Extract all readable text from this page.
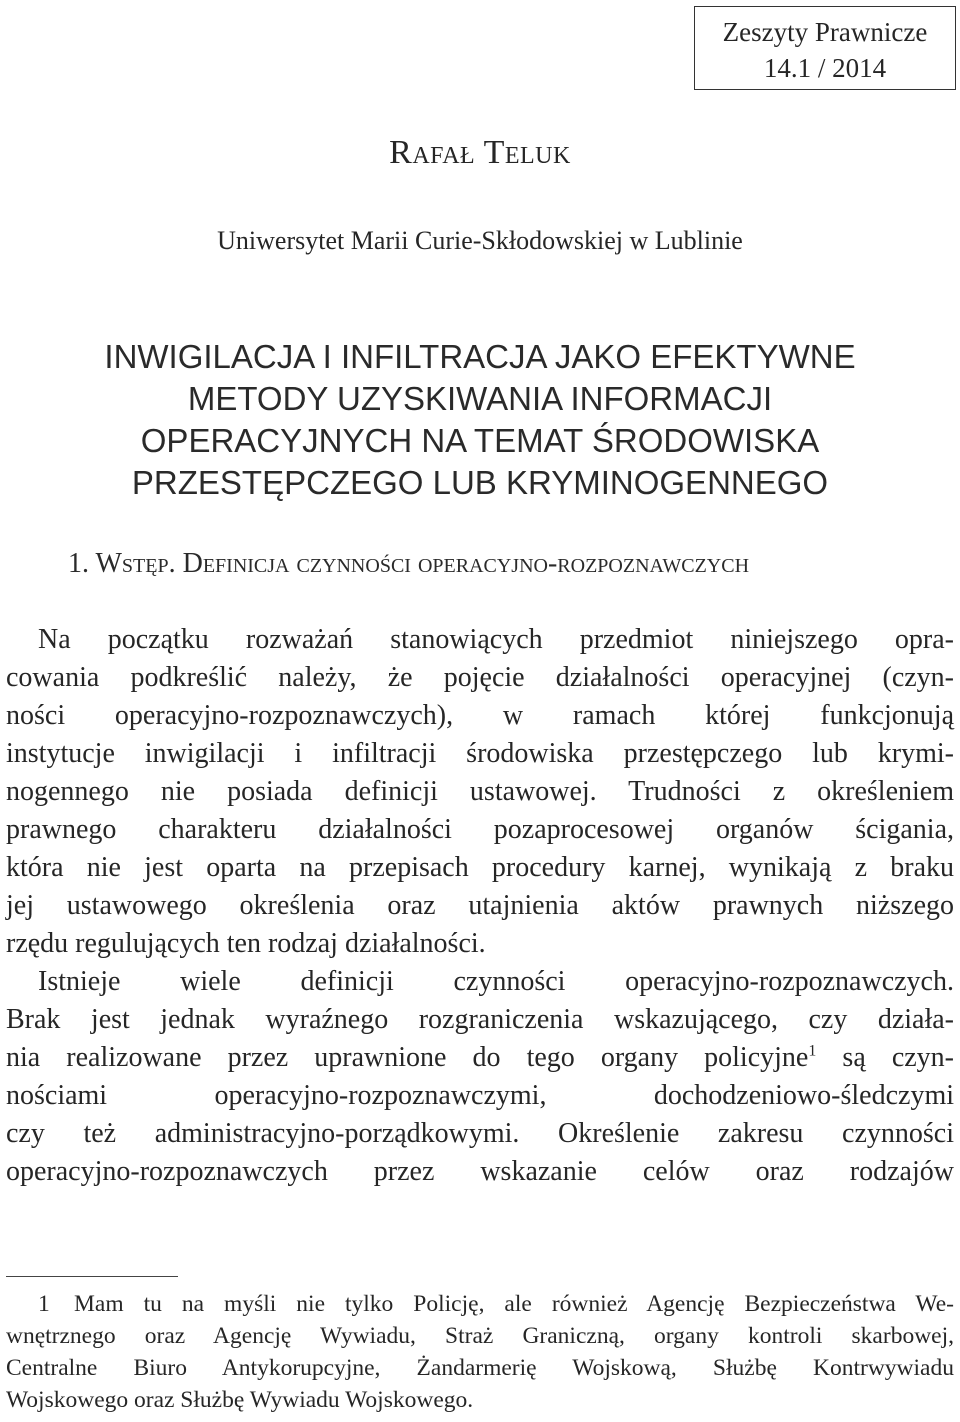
Zeszyty Prawnicze
14.1 / 2014
Rafał Teluk
Uniwersytet Marii Curie-Skłodowskiej w Lublinie
INWIGILACJA I INFILTRACJA JAKO EFEKTYWNE
METODY UZYSKIWANIA INFORMACJI
OPERACYJNYCH NA TEMAT ŚRODOWISKA
PRZESTĘPCZEGO LUB KRYMINOGENNEGO
1. Wstęp. Definicja czynności operacyjno-rozpoznawczych
Na początku rozważań stanowiących przedmiot niniejszego opra-
cowania podkreślić należy, że pojęcie działalności operacyjnej (czyn-
ności operacyjno-rozpoznawczych), w ramach której funkcjonują
instytucje inwigilacji i infiltracji środowiska przestępczego lub krymi-
nogennego nie posiada definicji ustawowej. Trudności z określeniem
prawnego charakteru działalności pozaprocesowej organów ścigania,
która nie jest oparta na przepisach procedury karnej, wynikają z braku
jej ustawowego określenia oraz utajnienia aktów prawnych niższego
rzędu regulujących ten rodzaj działalności.
Istnieje wiele definicji czynności operacyjno-rozpoznawczych.
Brak jest jednak wyraźnego rozgraniczenia wskazującego, czy działa-
nia realizowane przez uprawnione do tego organy policyjne$^1$ są czyn-
nościami operacyjno-rozpoznawczymi, dochodzeniowo-śledczymi
czy też administracyjno-porządkowymi. Określenie zakresu czynności
operacyjno-rozpoznawczych przez wskazanie celów oraz rodzajów
1 Mam tu na myśli nie tylko Policję, ale również Agencję Bezpieczeństwa We-
wnętrznego oraz Agencję Wywiadu, Straż Graniczną, organy kontroli skarbowej,
Centralne Biuro Antykorupcyjne, Żandarmerię Wojskową, Służbę Kontrwywiadu
Wojskowego oraz Służbę Wywiadu Wojskowego.
